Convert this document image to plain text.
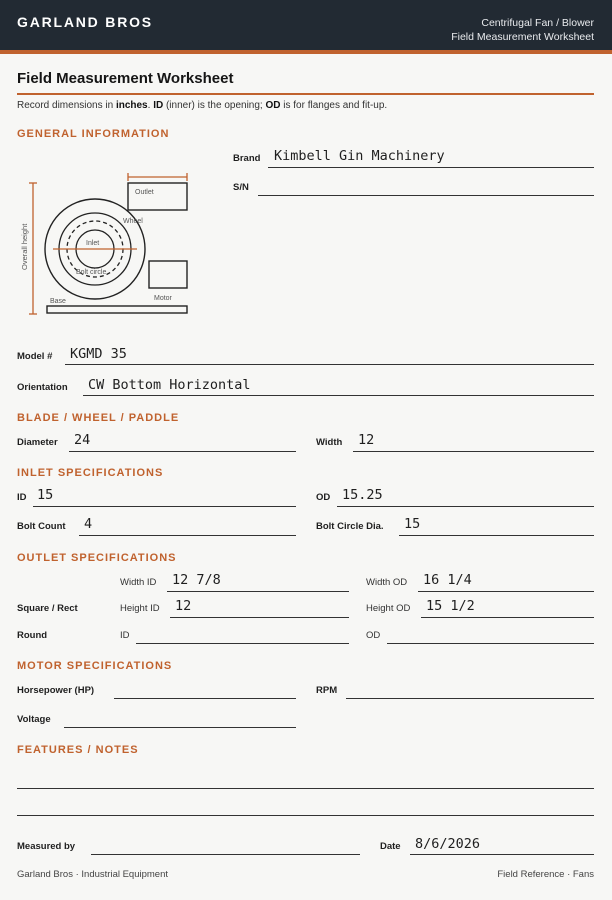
GARLAND BROS	Centrifugal Fan / Blower
Field Measurement Worksheet
Field Measurement Worksheet
Record dimensions in inches. ID (inner) is the opening; OD is for flanges and fit-up.
GENERAL INFORMATION
Brand Kimbell Gin Machinery
S/N
Overall height
Outlet
Wheel
Inlet
Bolt circle
Motor
Base
Model # KGMD 35
Orientation CW Bottom Horizontal
BLADE / WHEEL / PADDLE
Diameter 24	Width 12
INLET SPECIFICATIONS
ID 15	OD 15.25
Bolt Count 4	Bolt Circle Dia. 15
OUTLET SPECIFICATIONS
Width ID 12 7/8	Width OD 16 1/4
Square / Rect	Height ID 12	Height OD 15 1/2
Round	ID	OD
MOTOR SPECIFICATIONS
Horsepower (HP)	RPM
Voltage
FEATURES / NOTES
Measured by	Date 8/6/2026
Garland Bros · Industrial Equipment	Field Reference · Fans
